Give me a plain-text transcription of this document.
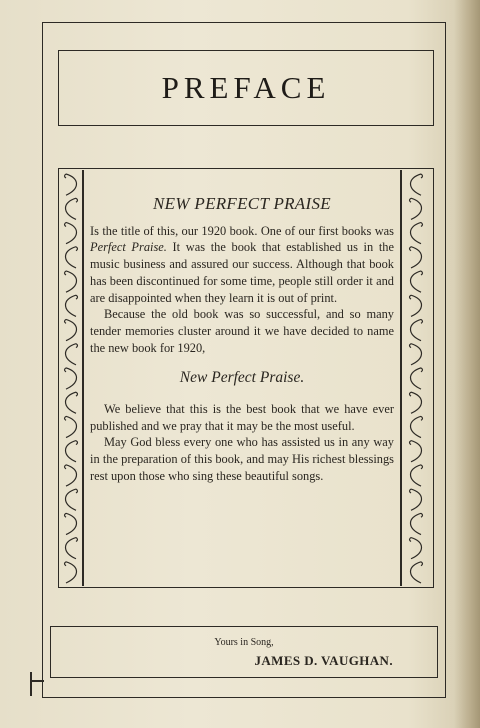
PREFACE
NEW PERFECT PRAISE

Is the title of this, our 1920 book. One of our first books was Perfect Praise. It was the book that established us in the music business and assured our success. Although that book has been discontinued for some time, people still order it and are disappointed when they learn it is out of print.

Because the old book was so successful, and so many tender memories cluster around it we have decided to name the new book for 1920,

New Perfect Praise.

We believe that this is the best book that we have ever published and we pray that it may be the most useful.

May God bless every one who has assisted us in any way in the preparation of this book, and may His richest blessings rest upon those who sing these beautiful songs.

Yours in Song,
JAMES D. VAUGHAN.
